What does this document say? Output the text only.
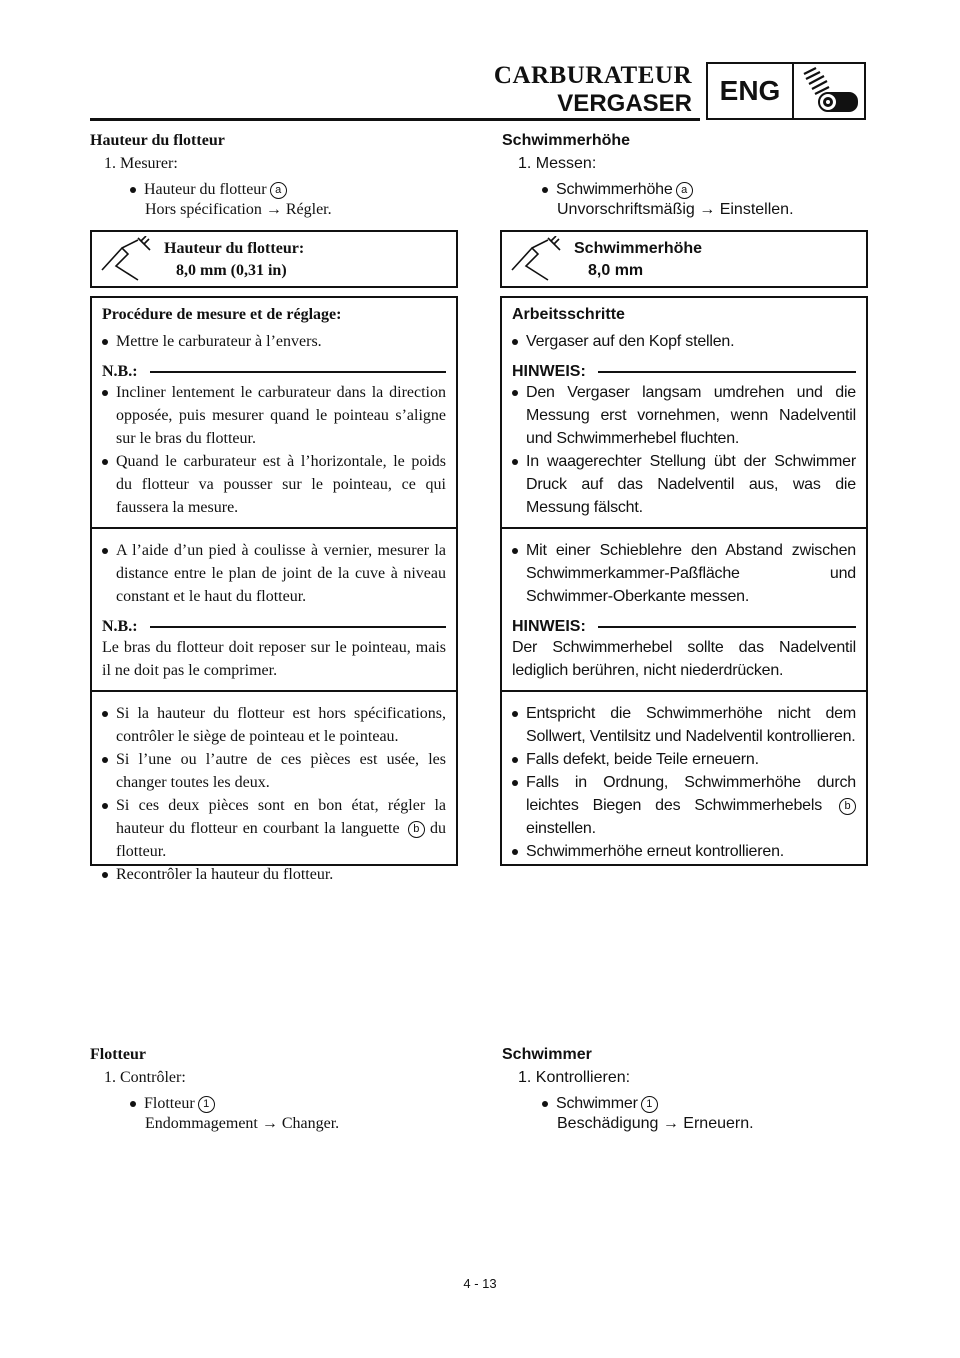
CARBURATEUR
VERGASER ENG
Hauteur du flotteur
1. Mesurer:
Hauteur du flotteur a
Hors spécification → Régler.
Hauteur du flotteur:
8,0 mm (0,31 in)
Procédure de mesure et de réglage:
Mettre le carburateur à l’envers.
N.B.:
Incliner lentement le carburateur dans la direction opposée, puis mesurer quand le pointeau s’aligne sur le bras du flotteur.
Quand le carburateur est à l’horizontale, le poids du flotteur va pousser sur le pointeau, ce qui faussera la mesure.
A l’aide d’un pied à coulisse à vernier, mesurer la distance entre le plan de joint de la cuve à niveau constant et le haut du flotteur.
N.B.:
Le bras du flotteur doit reposer sur le pointeau, mais il ne doit pas le comprimer.
Si la hauteur du flotteur est hors spécifications, contrôler le siège de pointeau et le pointeau.
Si l’une ou l’autre de ces pièces est usée, les changer toutes les deux.
Si ces deux pièces sont en bon état, régler la hauteur du flotteur en courbant la languette b du flotteur.
Recontrôler la hauteur du flotteur.
Flotteur
1. Contrôler:
Flotteur 1
Endommagement → Changer.
Schwimmerhöhe
1. Messen:
Schwimmerhöhe a
Unvorschriftsmäßig → Einstellen.
Schwimmerhöhe
8,0 mm
Arbeitsschritte
Vergaser auf den Kopf stellen.
HINWEIS:
Den Vergaser langsam umdrehen und die Messung erst vornehmen, wenn Nadelventil und Schwimmerhebel fluchten.
In waagerechter Stellung übt der Schwimmer Druck auf das Nadelventil aus, was die Messung fälscht.
Mit einer Schieblehre den Abstand zwischen Schwimmerkammer-Paßfläche und Schwimmer-Oberkante messen.
HINWEIS:
Der Schwimmerhebel sollte das Nadelventil lediglich berühren, nicht niederdrücken.
Entspricht die Schwimmerhöhe nicht dem Sollwert, Ventilsitz und Nadelventil kontrollieren.
Falls defekt, beide Teile erneuern.
Falls in Ordnung, Schwimmerhöhe durch leichtes Biegen des Schwimmerhebels b einstellen.
Schwimmerhöhe erneut kontrollieren.
Schwimmer
1. Kontrollieren:
Schwimmer 1
Beschädigung → Erneuern.
4 - 13
